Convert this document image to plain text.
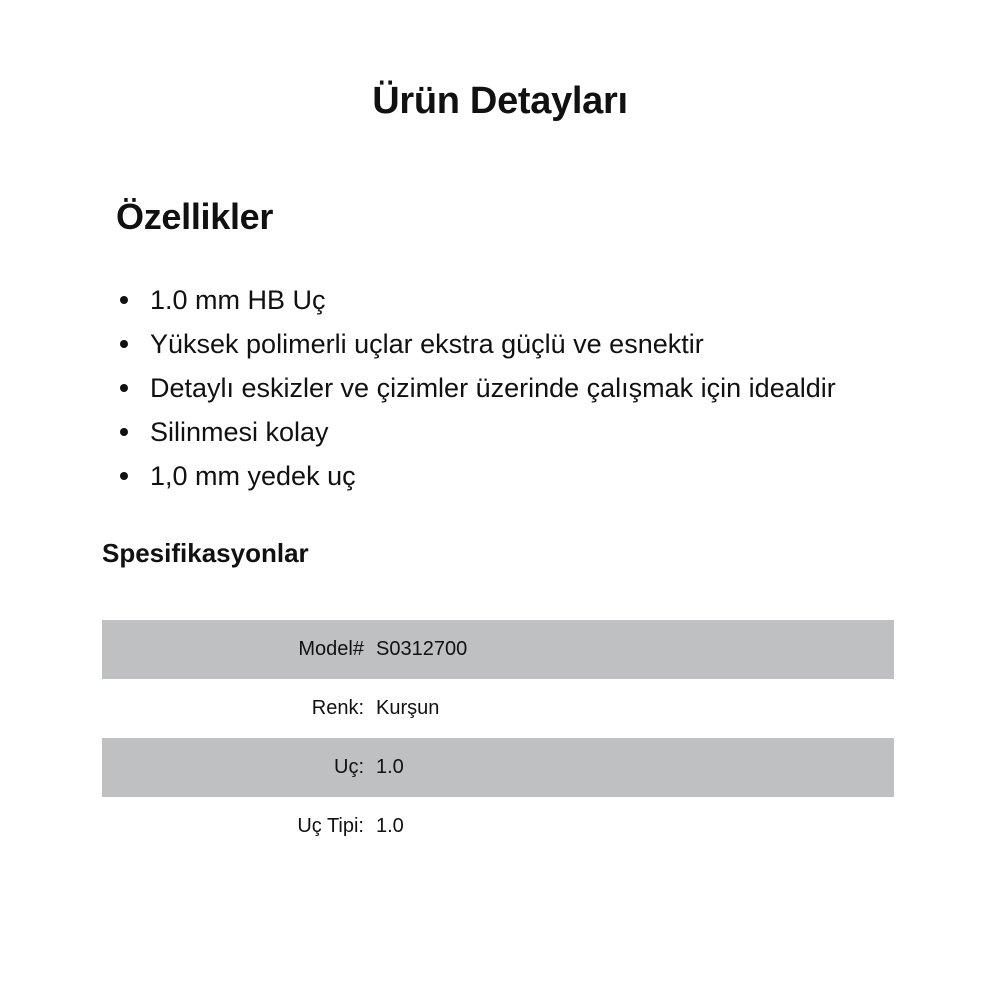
Ürün Detayları
Özellikler
1.0 mm HB Uç
Yüksek polimerli uçlar ekstra güçlü ve esnektir
Detaylı eskizler ve çizimler üzerinde çalışmak için idealdir
Silinmesi kolay
1,0 mm yedek uç
Spesifikasyonlar
Model# S0312700
Renk: Kurşun
Uç: 1.0
Uç Tipi: 1.0
